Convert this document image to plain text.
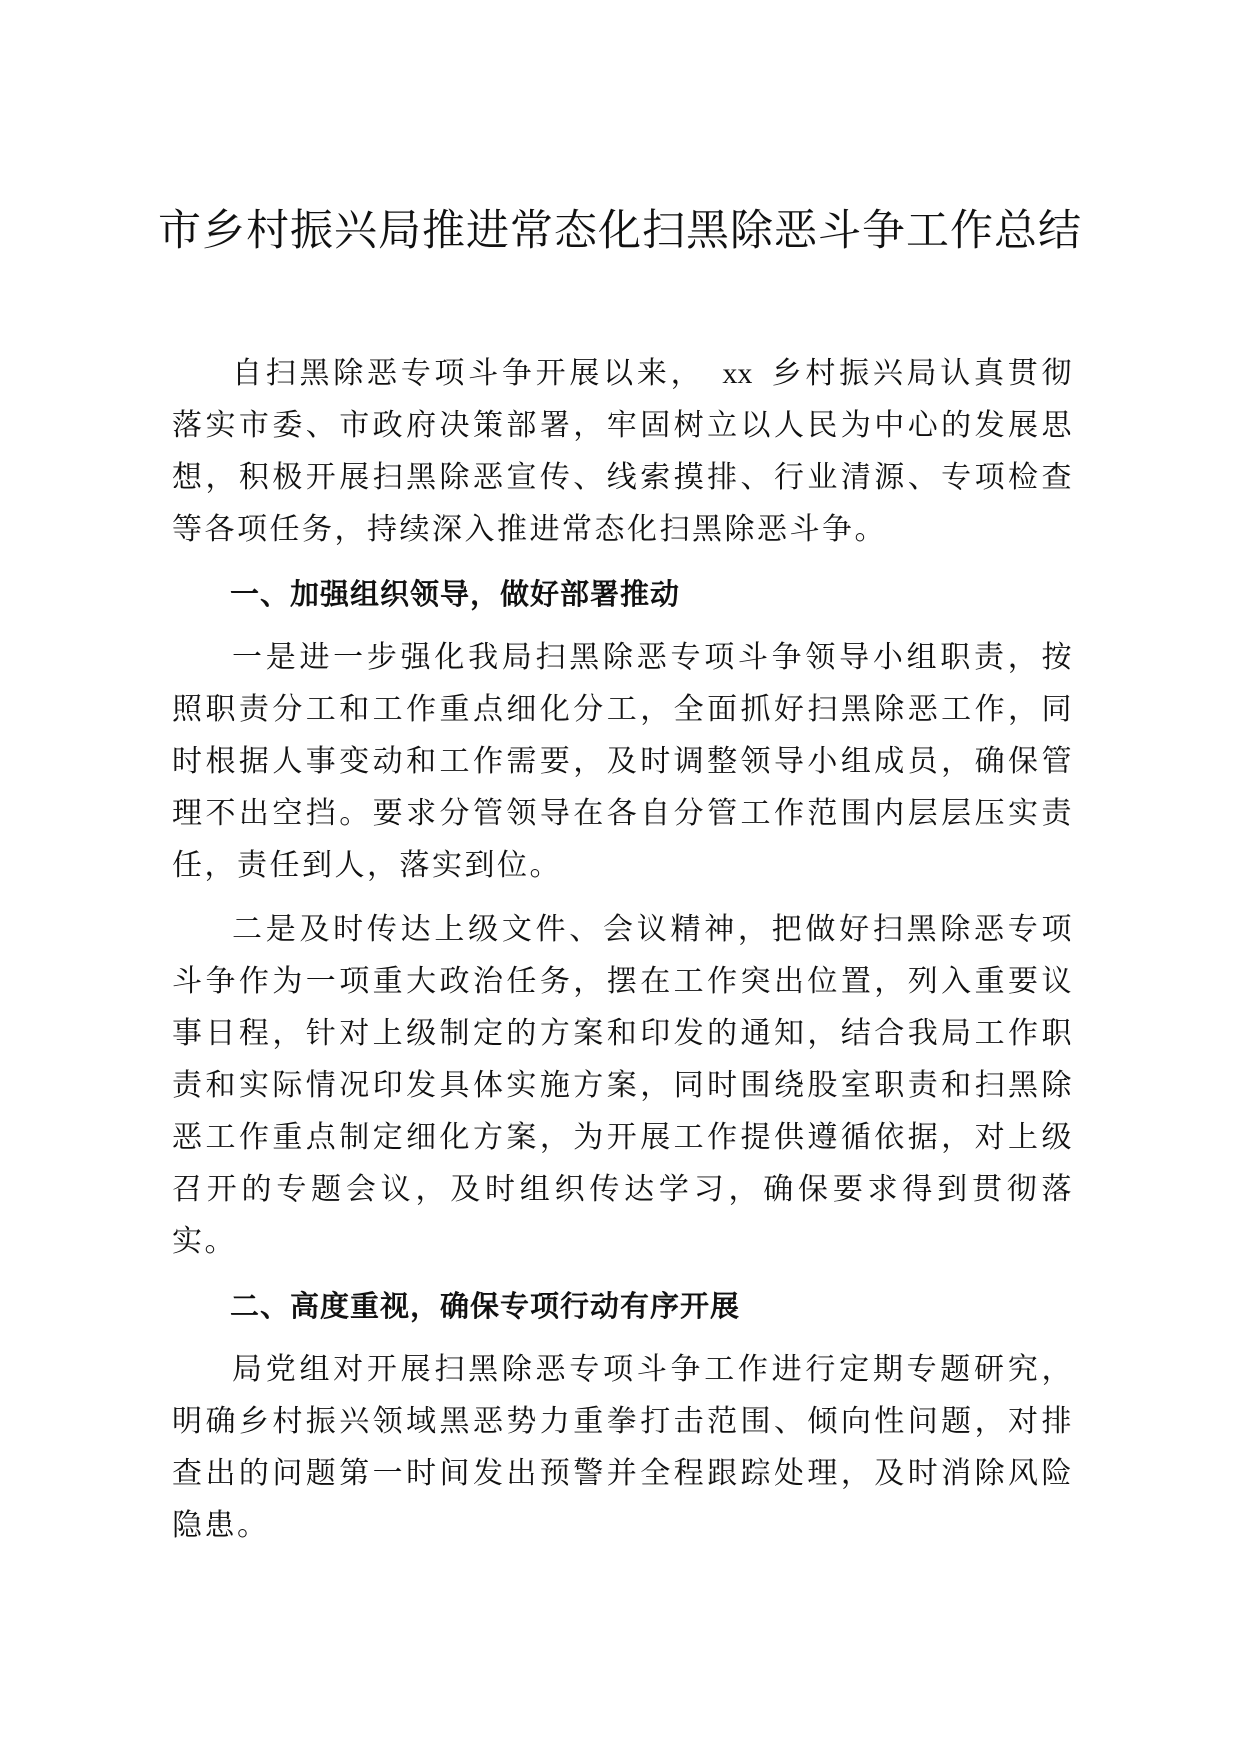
市乡村振兴局推进常态化扫黑除恶斗争工作总结

自扫黑除恶专项斗争开展以来， xx 乡村振兴局认真贯彻落实市委、市政府决策部署，牢固树立以人民为中心的发展思想，积极开展扫黑除恶宣传、线索摸排、行业清源、专项检查等各项任务，持续深入推进常态化扫黑除恶斗争。

一、加强组织领导，做好部署推动

一是进一步强化我局扫黑除恶专项斗争领导小组职责，按照职责分工和工作重点细化分工，全面抓好扫黑除恶工作，同时根据人事变动和工作需要，及时调整领导小组成员，确保管理不出空挡。要求分管领导在各自分管工作范围内层层压实责任，责任到人，落实到位。

二是及时传达上级文件、会议精神，把做好扫黑除恶专项斗争作为一项重大政治任务，摆在工作突出位置，列入重要议事日程，针对上级制定的方案和印发的通知，结合我局工作职责和实际情况印发具体实施方案，同时围绕股室职责和扫黑除恶工作重点制定细化方案，为开展工作提供遵循依据，对上级召开的专题会议，及时组织传达学习，确保要求得到贯彻落实。

二、高度重视，确保专项行动有序开展

局党组对开展扫黑除恶专项斗争工作进行定期专题研究，明确乡村振兴领域黑恶势力重拳打击范围、倾向性问题，对排查出的问题第一时间发出预警并全程跟踪处理，及时消除风险隐患。
